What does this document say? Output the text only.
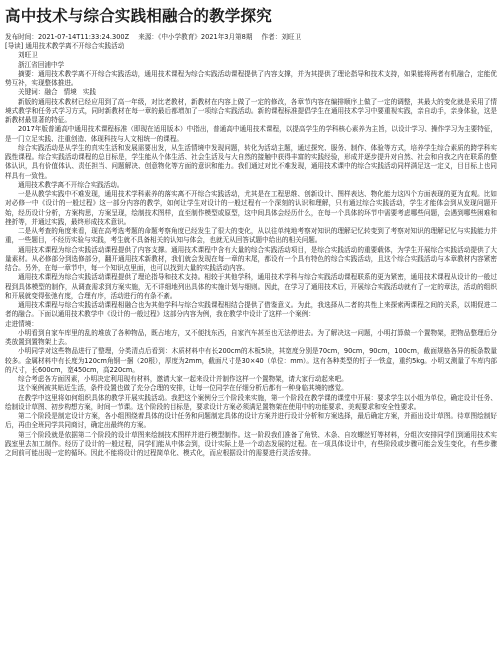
高中技术与综合实践相融合的教学探究
发布时间：2021-07-14T11:33:24.300Z 来源：《中小学教育》2021年3月第8期 作者：刘旺卫
[导读] 通用技术教学离不开综合实践活动
刘旺卫
浙江省回浦中学

摘要：通用技术教学离不开综合实践活动，通用技术课程为综合实践活动课程提供了内容支撑，并为其提供了理论指导和技术支持，如果能将两者有机融合，定能优势互补，实现整体推进。

关键词：融合 情境 实践

新版的通用技术教材已经应用到了高一年级，对比老教材，新教材在内容上做了一定的修改，各章节内容在编排顺序上做了一定的调整，其最大的变化就是采用了情境式教学和任务式学习方式，同时新教材在每一章的最后都增加了一项综合实践活动。新的课程标准提倡学生在通用技术学习中要重视实践，亲自动手，亲身体验，这是新教材最显著的特征。

2017年版普通高中通用技术课程标准（即现在适用版本）中指出，普通高中通用技术课程，以提高学生的学科核心素养为主旨，以设计学习、操作学习为主要特征，是一门立足实践、注重创造、体现科技与人文相统一的课程。

综合实践活动是从学生的真实生活和发展需要出发，从生活情境中发现问题，转化为活动主题，通过探究、服务、制作、体验等方式，培养学生综合素质的跨学科实践性课程。综合实践活动课程的总目标是，学生能从个体生活、社会生活及与大自然的接触中获得丰富的实践经验，形成并逐步提升对自然、社会和自我之内在联系的整体认识，具有价值体认、责任担当、问题解决、创意物化等方面的意识和能力。我们通过对比不难发现，通用技术课中的综合实践活动同样满足这一定义，目目标上也同样具有一致性。

通用技术教学离不开综合实践活动。

一是从教学实践中不难发现，通用技术学科素养的落实离不开综合实践活动，尤其是在工程思维、创新设计、图样表达、物化能力这四个方面表现的更为直观。比如对必修一中《设计的一般过程》这一部分内容的教学，如何让学生对设计的一般过程有一个深刻的认识和理解，只有通过综合实践活动，学生才能体会到从发现问题开始，经历设计分析，方案构思，方案呈现，绘制技术图样，直至制作模型或原型，这中间具体会经历什么，在每一个具体的环节中需要考虑哪些问题，会遇到哪些困难和挫折等，并通过实践，最终形成技术意识。

二是从考查的角度来看，现在高考选考题的命题考察角度已经发生了很大的变化，从以往单纯地考察对知识的理解记忆转变到了考察对知识的理解记忆与实践能力并重，一些题目，不经历实验与实践，考生就不具备相关的认知与体会，也就无从回答试题中给出的相关问题。

通用技术课程为综合实践活动课程提供了内容支撑。通用技术课程中含有大量的综合实践活动项目，是综合实践活动的重要载体，为学生开展综合实践活动提供了大量素材。从必修部分到选修部分，翻开通用技术新教材，我们就会发现在每一章的末尾，都设有一个具有特色的综合实践活动，且这个综合实践活动与本章教材内容紧密结合。另外，在每一章节中，每一个知识点里面，也可以找到大量的实践活动内容。

通用技术课程为综合实践活动课程提供了理论指导和技术支持。相较于其他学科，通用技术学科与综合实践活动课程联系的更为紧密，通用技术课程从设计的一般过程到具体模型的制作，从调查需求到方案实施，无不详细地列出具体的实施计划与细则。因此，在学习了通用技术后，开展综合实践活动就有了一定的章法，活动的组织和开展就变得张弛有度，合理有序，活动进行的有条不紊。

通用技术课程与综合实践活动课程相融合也为其他学科与综合实践课程相结合提供了借鉴意义。为此，我选择从二者的共性上来探索两课程之间的关系，以期促进二者的融合。下面以通用技术教学中《设计的一般过程》这部分内容为例，我在教学中设计了这样一个案例：

走进情境：

小明看到自家车库里的乱的堆放了各种物品，既占地方，又不便找东西，自家汽车甚至也无法停进去。为了解决这一问题，小明打算做一个置物架，把物品整理后分类放置到置物架上去。

小明同学对这些物品进行了整理，分类清点后看到：木质材料中有长200cm的木板5块，其宽度分别是70cm，90cm，90cm，100cm，截面规格各异的板条数量较多。金属材料中有长度为120cm角钢一捆（20根），厚度为2mm，截面尺寸是30×40（单位：mm）。这有各种类型的钉子一铁盒，重约5kg。小明又测量了车库内部的尺寸，长600cm，宽450cm，高220cm。

综合考虑各方面因素，小明决定利用现有材料，邀请大家一起来设计并制作这样一个置物架，请大家行动起来吧。

这个案例被其贴近生活，条件设置也做了充分合理的安排，让每一位同学在仔细分析后都有一种身临其境的感觉。

在教学中这里将如何组织具体的教学开展实践活动。我把这个案例分三个阶段来实施，第一个阶段在教学课的课堂中开展：要求学生以小组为单位，确定设计任务、绘制设计草图、初步构想方案，时间一节课。这个阶段的目标是，要求设计方案必须满足置物架在使用中的功能要求、美观要求和安全性要求。

第二个阶段是制定设计方案，各小组围绕着具体的设计任务和问题制定具体的设计方案并进行设计分析和方案选择，最后确定方案，并画出设计草图。待草图绘制好后，再由全班同学共同商讨，确定出最终的方案。

第三个阶段就是依据第二个阶段的设计草图来绘制技术图样并进行模型制作。这一阶段我们准备了角铁、木条、自攻螺丝钉等材料，分组次安排同学们到通用技术实践室里去加工制作。经历了设计的一般过程，同学们能从中体会到，设计实际上是一个动态发展的过程。在一项具体设计中，有些阶段或步骤可能会发生变化，有些步骤之间前可能出现一定的循环。因此不能将设计的过程简单化、模式化，而应根据设计的需要进行灵活安排。
